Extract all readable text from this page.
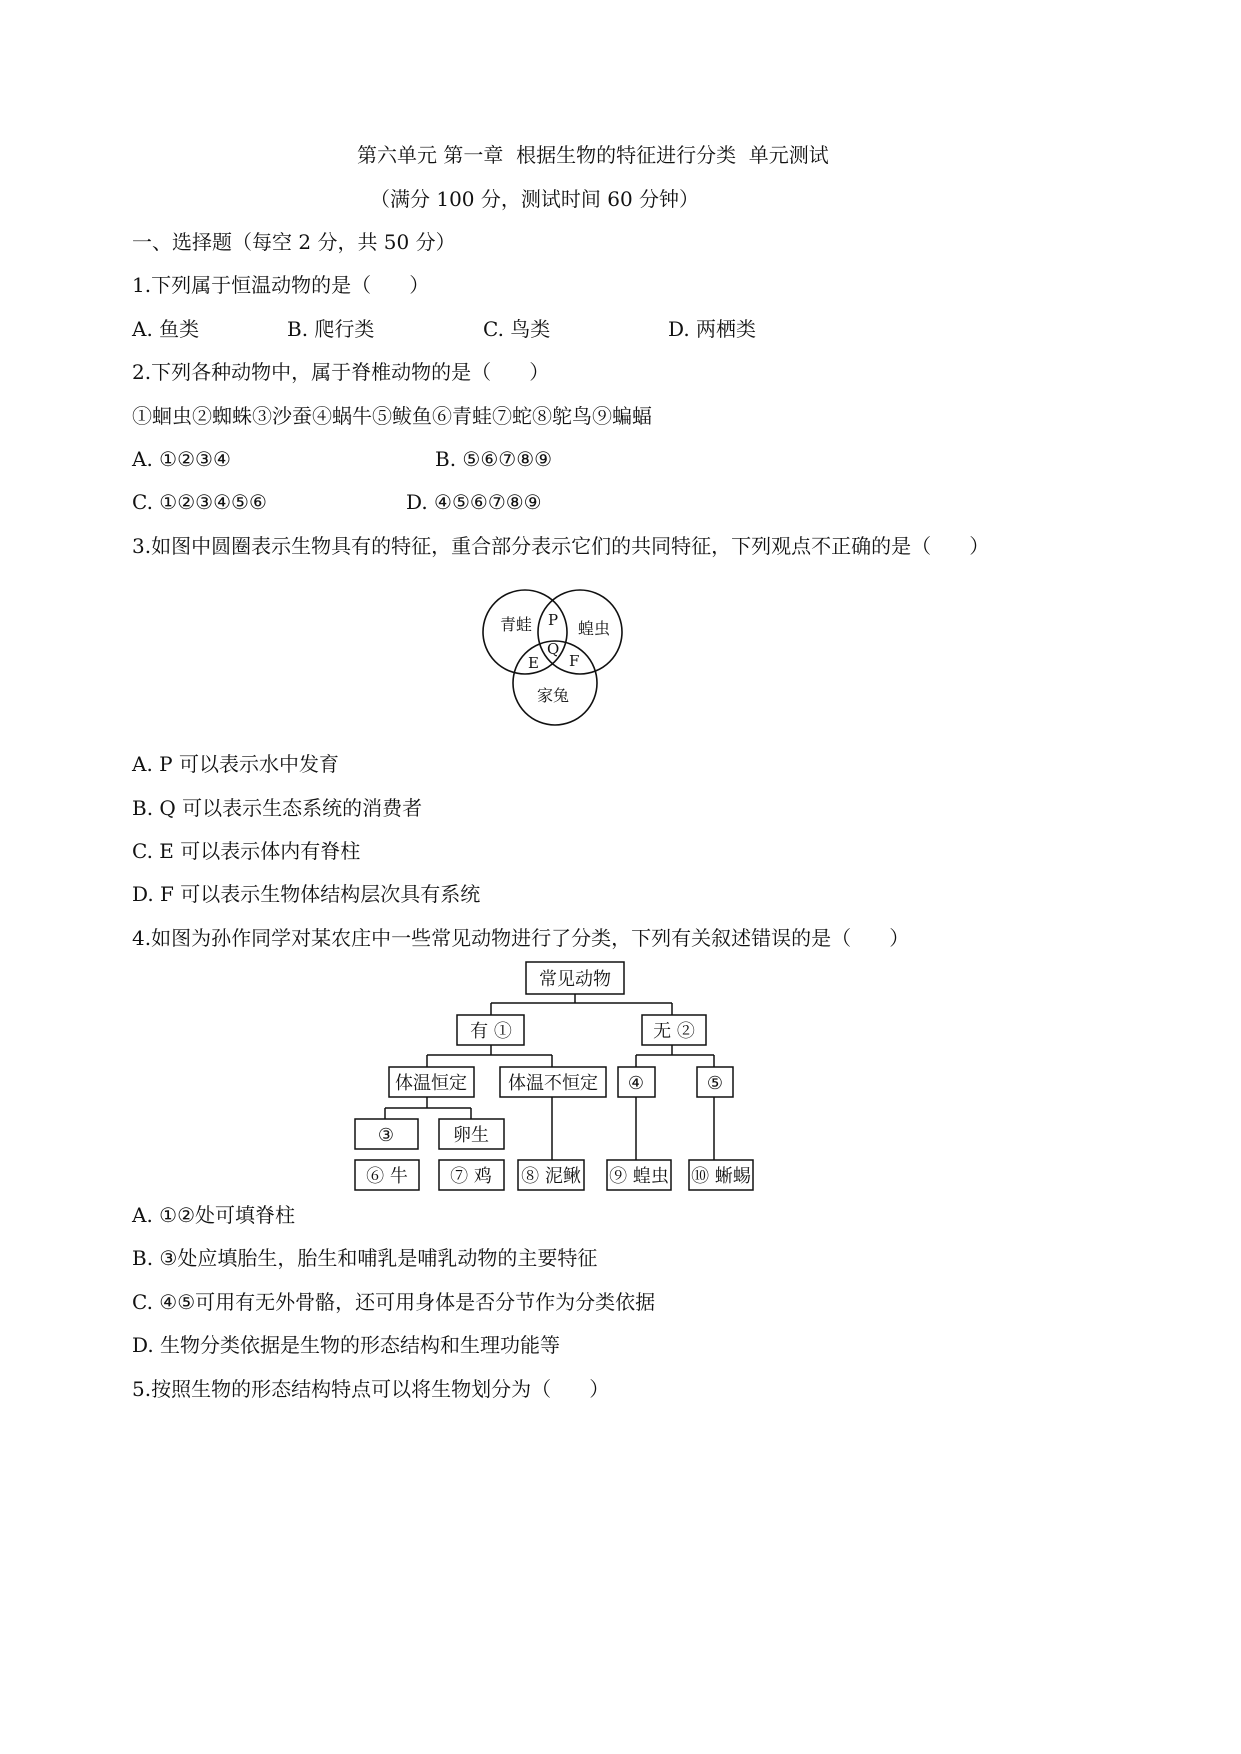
第六单元 第一章  根据生物的特征进行分类  单元测试
（满分 100 分，测试时间 60 分钟）
一、选择题（每空 2 分，共 50 分）
1.下列属于恒温动物的是（      ）
A. 鱼类	B. 爬行类	C. 鸟类	D. 两栖类
2.下列各种动物中，属于脊椎动物的是（      ）
①蛔虫②蜘蛛③沙蚕④蜗牛⑤鲅鱼⑥青蛙⑦蛇⑧鸵鸟⑨蝙蝠
A. ①②③④	B. ⑤⑥⑦⑧⑨
C. ①②③④⑤⑥	D. ④⑤⑥⑦⑧⑨
3.如图中圆圈表示生物具有的特征，重合部分表示它们的共同特征，下列观点不正确的是（      ）
青蛙	蝗虫
家兔
P
Q
E F
A. P 可以表示水中发育
B. Q 可以表示生态系统的消费者
C. E 可以表示体内有脊柱
D. F 可以表示生物体结构层次具有系统
4.如图为孙作同学对某农庄中一些常见动物进行了分类，下列有关叙述错误的是（      ）
常见动物
有 ①	无 ②
体温恒定 体温不恒定 ④	⑤
③	卵生
⑥ 牛 ⑦ 鸡 ⑧ 泥鳅 ⑨ 蝗虫 ⑩ 蜥蜴
A. ①②处可填脊柱
B. ③处应填胎生，胎生和哺乳是哺乳动物的主要特征
C. ④⑤可用有无外骨骼，还可用身体是否分节作为分类依据
D. 生物分类依据是生物的形态结构和生理功能等
5.按照生物的形态结构特点可以将生物划分为（      ）
